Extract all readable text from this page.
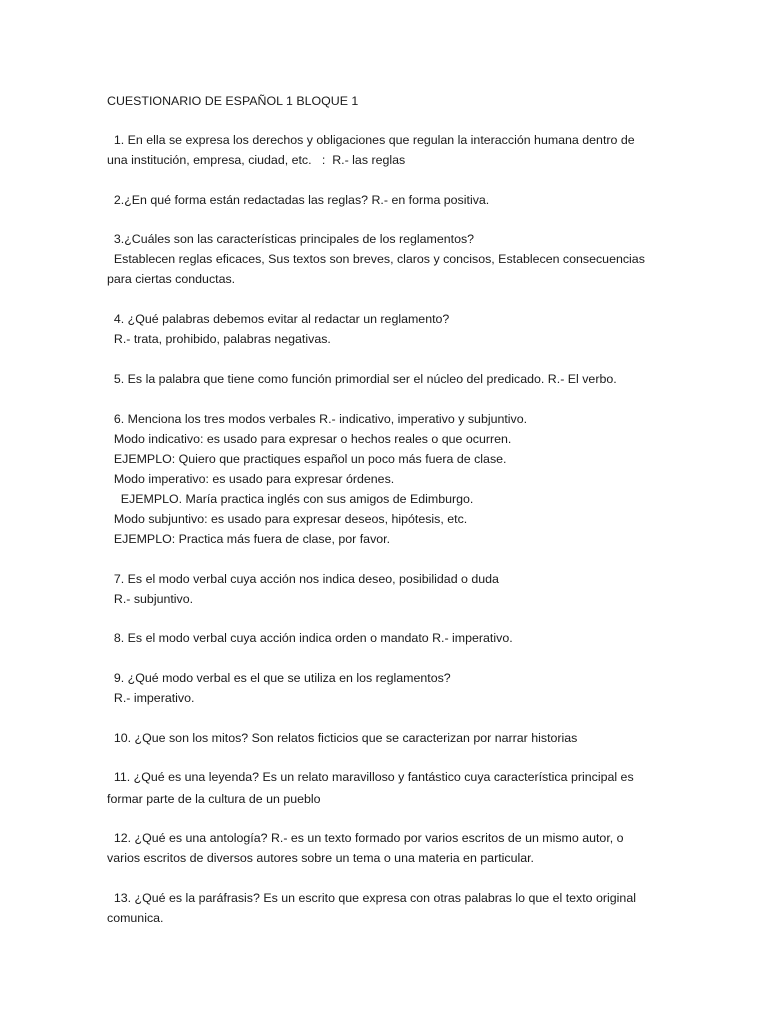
CUESTIONARIO DE ESPAÑOL 1 BLOQUE 1
1. En ella se expresa los derechos y obligaciones que regulan la interacción humana dentro de
una institución, empresa, ciudad, etc.   :  R.- las reglas
2.¿En qué forma están redactadas las reglas? R.- en forma positiva.
3.¿Cuáles son las características principales de los reglamentos?
Establecen reglas eficaces, Sus textos son breves, claros y concisos, Establecen consecuencias
para ciertas conductas.
4. ¿Qué palabras debemos evitar al redactar un reglamento?
R.- trata, prohibido, palabras negativas.
5. Es la palabra que tiene como función primordial ser el núcleo del predicado. R.- El verbo.
6. Menciona los tres modos verbales R.- indicativo, imperativo y subjuntivo.
Modo indicativo: es usado para expresar o hechos reales o que ocurren.
EJEMPLO: Quiero que practiques español un poco más fuera de clase.
Modo imperativo: es usado para expresar órdenes.
EJEMPLO. María practica inglés con sus amigos de Edimburgo.
Modo subjuntivo: es usado para expresar deseos, hipótesis, etc.
EJEMPLO: Practica más fuera de clase, por favor.
7. Es el modo verbal cuya acción nos indica deseo, posibilidad o duda
R.- subjuntivo.
8. Es el modo verbal cuya acción indica orden o mandato R.- imperativo.
9. ¿Qué modo verbal es el que se utiliza en los reglamentos?
R.- imperativo.
10. ¿Que son los mitos? Son relatos ficticios que se caracterizan por narrar historias
11. ¿Qué es una leyenda? Es un relato maravilloso y fantástico cuya característica principal es
formar parte de la cultura de un pueblo
12. ¿Qué es una antología? R.- es un texto formado por varios escritos de un mismo autor, o
varios escritos de diversos autores sobre un tema o una materia en particular.
13. ¿Qué es la paráfrasis? Es un escrito que expresa con otras palabras lo que el texto original
comunica.
